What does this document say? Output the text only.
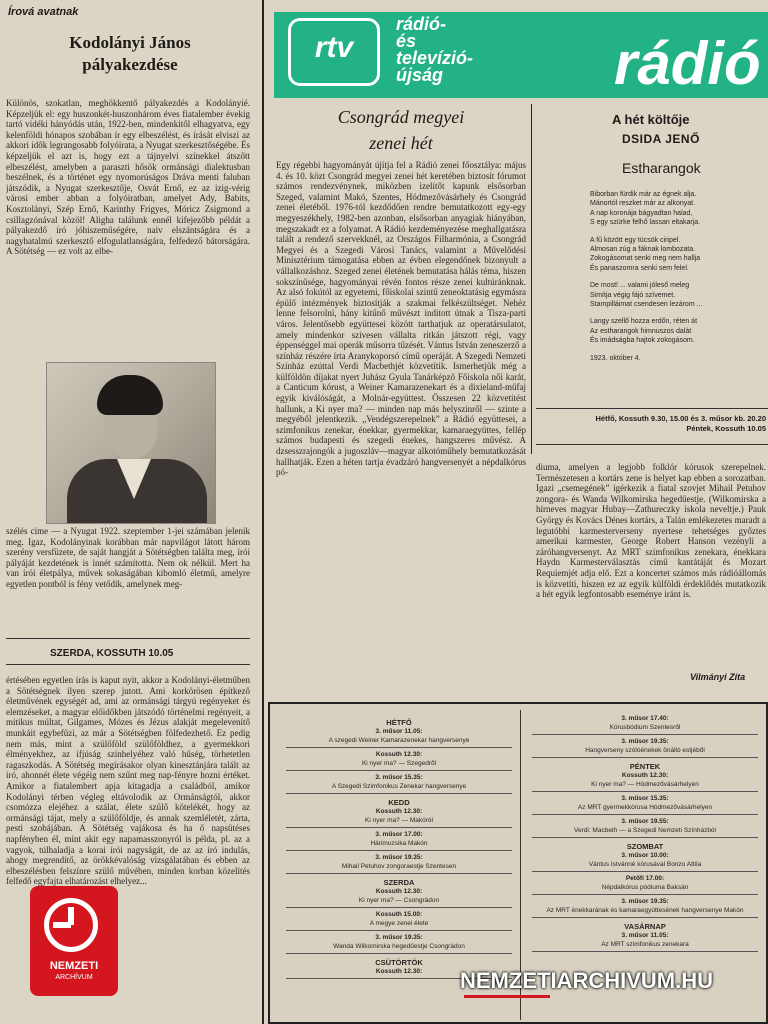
Írová avatnak
Kodolányi János
pályakezdése
Különös, szokatlan, meghökkentő pályakezdés a Kodolányié. Képzeljük el: egy huszonkét-huszonhárom éves fiatalember évekig tartó vidéki hányódás után, 1922-ben, mindenkitől elhagyatva, egy kelenföldi hónapos szobában ír egy elbeszélést, és írását elviszi az akkori idők legrangosabb folyóirata, a Nyugat szerkesztőségébe. És képzeljük el azt is, hogy ezt a tájnyelvi színekkel átszőtt elbeszélést, amelyben a paraszti hősök ormánsági dialektusban beszélnek, és a történet egy nyomorúságos Dráva menti faluban játszódik, a Nyugat szerkesztője, Osvát Ernő, ez az izig-vérig városi ember abban a folyóiratban, amelyet Ady, Babits, Kosztolányi, Szép Ernő, Karinthy Frigyes, Móricz Zsigmond a csillagzónával közöl! Aligha találunk ennél kifejezőbb példát a pályakezdő író jóhiszeműségére, naiv elszántságára és a nagyhatalmú szerkesztő elfogulatlanságára, felfedező bátorságára. A Sötétség — ez volt az elbe-
szélés címe — a Nyugat 1922. szeptember 1-jei számában jelenik meg. Igaz, Kodolányinak korábban már napvilágot látott három szerény versfüzete, de saját hangját a Sötétségben találta meg, írói pályáját kezdetének is innét számította. Nem ok nélkül. Mert ha van írói életpálya, művek sokaságában kibomló életmű, amelyre egyetlen pontból is fény vetődik, amelynek meg-
SZERDA, KOSSUTH 10.05
értésében egyetlen írás is kaput nyit, akkor a Kodolányi-életműben a Sötétségnek ilyen szerep jutott. Ami korkörösen építkező életművének egységét ad, ami az ormánsági tárgyú regényeket és elemzéseket, a magyar előidőkben játszódó történelmi regényeit, a mitikus múltat, Gilgames, Mózes és Jézus alakját megelevenítő munkáit egybefűzi, az már a Sötétségben fölfedezhető. Ez pedig nem más, mint a szülőföld szülőföldhez, a gyermekkori élményekhez, az ifjúság színhelyéhez való hűség, törhetetlen ragaszkodás. A Sötétség megírásakor olyan kinesztánjára talált az író, ahonnét élete végéig nem szűnt meg nap-fényre hozni értéket. Amikor a fiatalembert apja kitagadja a családból, amikor Kodolányi térben végleg eltávolodik az Ormánságtól, akkor csomózza elejéhez a szálat, élete szülő kötelékét, hogy az ormánsági tájat, mely a szülőföldje, és annak szemléletét, zárta, pesti szobájában. A Sötétség vajákosa és ha ő napsütéses napfényben él, mint akit egy napamasszonyról is példa, pl. az a vagyok, túlhaladja a korai írói nagyságát, de az az író indulás, ahogy megrendítő, az örökkévalóság vizsgálatában és ebben az elbeszélésben felszínre szülő művében, minden korban közelítés felfedő egyfajta elhatározást elhelyez...
rtv
rádió-
és
televízió-
újság	rádió
Csongrád megyei
zenei hét
Egy régebbi hagyományát újítja fel a Rádió zenei főosztálya: május 4. és 10. közt Csongrád megyei zenei hét keretében biztosít fórumot számos rendezvénynek, miközben izelítőt kapunk elsősorban Szeged, valamint Makó, Szentes, Hódmezővásárhely és Csongrád zenei életéből. 1976-tól kezdődően rendre bemutatkozott egy-egy megyeszékhely, 1982-ben azonban, elsősorban anyagiak hiányában, megszakadt ez a folyamat. A Rádió kezdeményezése meghallgatásra talált a rendező szervekknél, az Országos Filharmónia, a Csongrád Megyei és a Szegedi Városi Tanács, valamint a Művelődési Minisztérium támogatása ebben az évben elegendőnek bizonyult a vállalkozáshoz. Szeged zenei életének bemutatása hálás téma, hiszen sokszínűsége, hagyományai révén fontos része zenei kultúránknak. Az alsó fokútól az egyetemi, főiskolai szintű zeneoktatásig egymásra épülő intézmények biztosítják a szakmai felkészültséget. Nehéz lenne felsorolni, hány kitűnő művészt indított útnak a Tisza-parti város. Jelentősebb együttesei között tarthatjuk az operatársulatot, amely mindenkor szívesen vállalta ritkán játszott régi, vagy éppenséggel mai operák műsorra tűzését. Vántus István zeneszerző a színház részére írta Aranykoporsó című operáját. A Szegedi Nemzeti Színház ezúttal Verdi Macbethjét közvetítik. Ismerhetjük még a külföldön díjakat nyert Juhász Gyula Tanárképző Főiskola női karát, a Canticum kórust, a Weiner Kamarazenekart és a dixieland-műfaj egyik kiválóságát, a Molnár-együttest. Összesen 22 közvetítést hallunk, a Ki nyer ma? — minden nap más helyszínről — szinte a megyéből jelentkezik. „Vendégszerepelnek” a Rádió együttesei, a szimfonikus zenekar, énekkar, gyermekkar, kamaraegyüttes, fellép számos budapesti és szegedi énekes, hangszeres művész. A dzsesszrajongók a jugoszláv—magyar alkotóműhely bemutatkozását hallhatják. Ezen a héten tartja évadzáró hangversenyét a népdalkórus pó-
A hét költője
DSIDA JENŐ
Estharangok
Biborban fürdik már az égnek alja.
Mánortól reszket már az alkonyat.
A nap koronája bágyadtan halad,
S egy szürke felhő lassan eltakarja.
A fű között egy tücsök ciripel.
Almosan zúg a fáknak lombozata.
Zokogásomat senki meg nem hallja
És panaszomra senki sem felel.
De most! ... valami jóleső meleg
Simítja végig fájó szívemet.
Stampilláimat csendesen lezárom ...
Langy szellő hozza erdőn, réten át
Az estharangok himnuszos dalát
És imádságba hajtok zokogásom.
1923. október 4.
Hétfő, Kossuth 9.30, 15.00 és 3. műsor kb. 20.20
Péntek, Kossuth 10.05
diuma, amelyen a legjobb folklór kórusok szerepelnek. Természetesen a kortárs zene is helyet kap ebben a sorozatban. Igazi „csemegének” ígérkezik a fiatal szovjet Mihail Petuhov zongora- és Wanda Wilkomirska hegedűestje. (Wilkomirska a hírneves magyar Hubay—Zathureczky iskola neveltje.) Pauk György és Kovács Dénes kortárs, a Talán emlékezetes maradt a legutóbbi karmesterverseny nyertese tehetséges győztes amerikai karmester, George Robert Hanson vezényli a záróhangversenyt. Az MRT szimfonikus zenekara, énekkara Haydn Karmesterválasztás című kantátáját és Mozart Requiemjét adja elő. Ezt a koncertet számos más rádióállomás is közvetíti, hiszen ez az egyik külföldi érdeklődés mutatkozik a hét egyik legfontosabb eseménye iránt is.
Vilmányi Zita
HÉTFŐ
3. műsor 11.05:
A szegedi Weiner Kamarazenekar hangversenye
Kossuth 12.30:
Ki nyer ma? — Szegedről
3. műsor 15.35:
A Szegedi Szimfonikus Zenekar hangversenye
KEDD
Kossuth 12.30:
Ki nyer ma? — Makóról
3. műsor 17.00:
Hárimuzsika Makón
3. műsor 19.35:
Mihail Petuhov zongoraestje Szentesen
SZERDA
Kossuth 12.30:
Ki nyer ma? — Csongrádon
Kossuth 15.00:
A megye zenei élete
3. műsor 19.35:
Wanda Wilkomirska hegedűestje Csongrádon
CSÜTÖRTÖK
Kossuth 12.30:
3. műsor 17.40:
Kórusbódium Szentesről
3. műsor 19.35:
Hangverseny szólóénekek önálló estjéből
PÉNTEK
Kossuth 12.30:
Ki nyer ma? — Hódmezővásárhelyen
3. műsor 15.35:
Az MRT gyermekkórusa Hódmezővásárhelyen
3. műsor 19.55:
Verdi: Macbeth — a Szegedi Nemzeti Színházból
SZOMBAT
3. műsor 10.00:
Vántus Istvánné kórusával Bonzo Attila
Petőfi 17.00:
Népdalkórus pódiuma Baksán
3. műsor 19.35:
Az MRT énekkarának és kamaraegyüttesének hangversenye Makón
VASÁRNAP
3. műsor 11.05:
Az MRT szimfonikus zenekara
NEMZETI
ARCHÍVUM	NEMZETIARCHIVUM.HU
